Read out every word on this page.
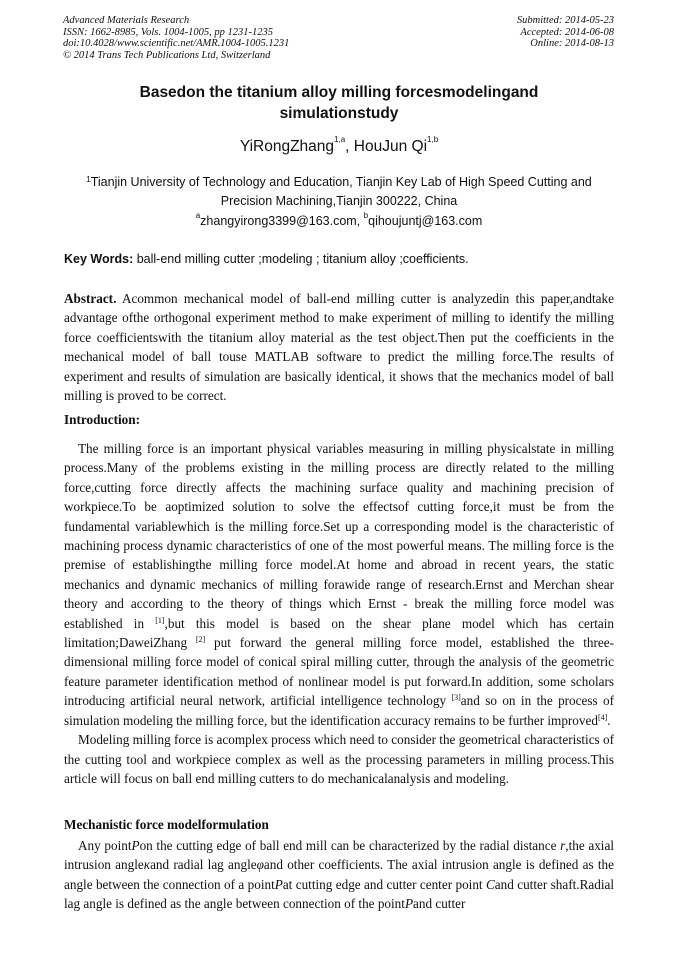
Advanced Materials Research
ISSN: 1662-8985, Vols. 1004-1005, pp 1231-1235
doi:10.4028/www.scientific.net/AMR.1004-1005.1231
© 2014 Trans Tech Publications Ltd, Switzerland
Submitted: 2014-05-23
Accepted: 2014-06-08
Online: 2014-08-13
Basedon the titanium alloy milling forcesmodelingand
simulationstudy
YiRongZhang$^{1,a}$, HouJun Qi$^{1,b}$
$^1$Tianjin University of Technology and Education, Tianjin Key Lab of High Speed Cutting and
Precision Machining,Tianjin 300222, China
$^a$zhangyirong3399@163.com, $^b$qihoujuntj@163.com
Key Words: ball-end milling cutter ;modeling ; titanium alloy ;coefficients.

Abstract. Acommon mechanical model of ball-end milling cutter is analyzedin this paper,andtake advantage ofthe orthogonal experiment method to make experiment of milling to identify the milling force coefficientswith the titanium alloy material as the test object.Then put the coefficients in the mechanical model of ball touse MATLAB software to predict the milling force.The results of experiment and results of simulation are basically identical, it shows that the mechanics model of ball milling is proved to be correct.

Introduction:

The milling force is an important physical variables measuring in milling physicalstate in milling process.Many of the problems existing in the milling process are directly related to the milling force,cutting force directly affects the machining surface quality and machining precision of workpiece.To be aoptimized solution to solve the effectsof cutting force,it must be from the fundamental variablewhich is the milling force.Set up a corresponding model is the characteristic of machining process dynamic characteristics of one of the most powerful means. The milling force is the premise of establishingthe milling force model.At home and abroad in recent years, the static mechanics and dynamic mechanics of milling forawide range of research.Ernst and Merchan shear theory and according to the theory of things which Ernst - break the milling force model was established in [1],but this model is based on the shear plane model which has certain limitation;DaweiZhang [2] put forward the general milling force model, established the three-dimensional milling force model of conical spiral milling cutter, through the analysis of the geometric feature parameter identification method of nonlinear model is put forward.In addition, some scholars introducing artificial neural network, artificial intelligence technology [3]and so on in the process of simulation modeling the milling force, but the identification accuracy remains to be further improved[4].

Modeling milling force is acomplex process which need to consider the geometrical characteristics of the cutting tool and workpiece complex as well as the processing parameters in milling process.This article will focus on ball end milling cutters to do mechanicalanalysis and modeling.

Mechanistic force modelformulation

Any pointPon the cutting edge of ball end mill can be characterized by the radial distance r,the axial intrusion angleκand radial lag angleφand other coefficients. The axial intrusion angle is defined as the angle between the connection of a pointPat cutting edge and cutter center point Cand cutter shaft.Radial lag angle is defined as the angle between connection of the pointPand cutter
